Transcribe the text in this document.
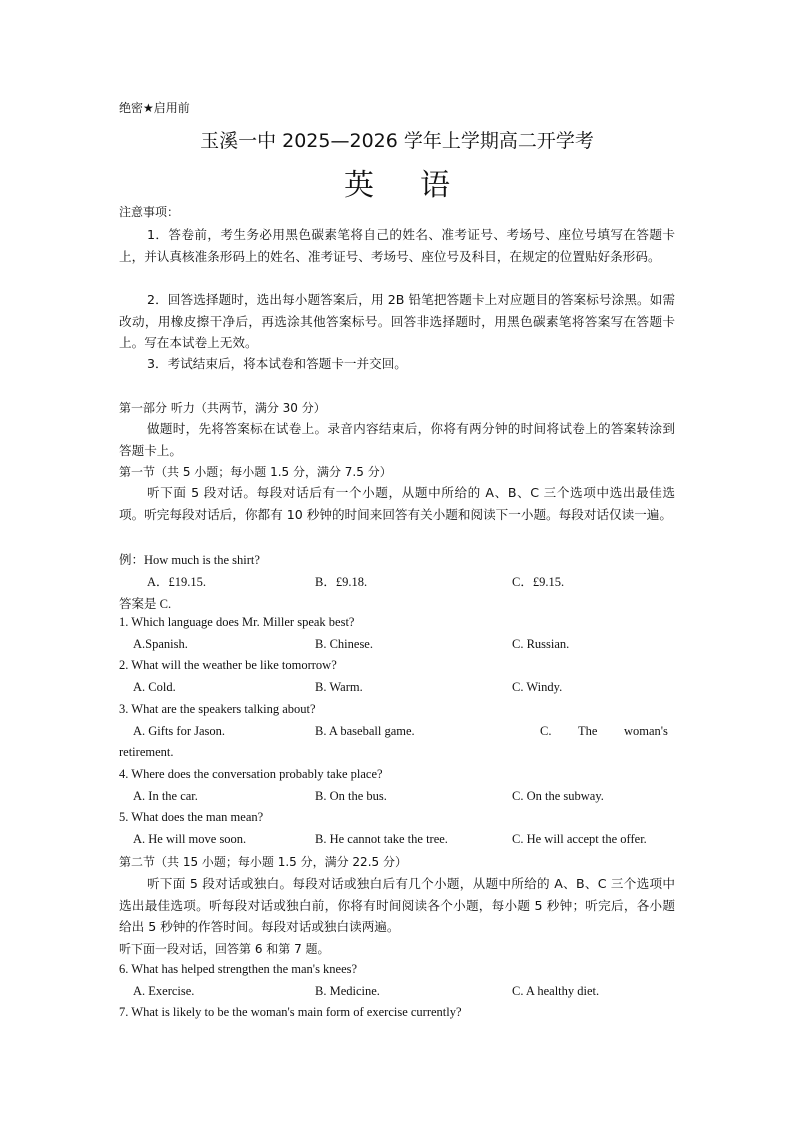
绝密★启用前
玉溪一中 2025—2026 学年上学期高二开学考
英 语
注意事项：
1．答卷前，考生务必用黑色碳素笔将自己的姓名、准考证号、考场号、座位号填写在答题卡上，并认真核准条形码上的姓名、准考证号、考场号、座位号及科目，在规定的位置贴好条形码。
2．回答选择题时，选出每小题答案后，用 2B 铅笔把答题卡上对应题目的答案标号涂黑。如需改动，用橡皮擦干净后，再选涂其他答案标号。回答非选择题时，用黑色碳素笔将答案写在答题卡上。写在本试卷上无效。
3．考试结束后，将本试卷和答题卡一并交回。
第一部分 听力（共两节，满分 30 分）
做题时，先将答案标在试卷上。录音内容结束后，你将有两分钟的时间将试卷上的答案转涂到答题卡上。
第一节（共 5 小题；每小题 1.5 分，满分 7.5 分）
听下面 5 段对话。每段对话后有一个小题，从题中所给的 A、B、C 三个选项中选出最佳选项。听完每段对话后，你都有 10 秒钟的时间来回答有关小题和阅读下一小题。每段对话仅读一遍。
例：How much is the shirt?
A．£19.15.	B．£9.18.	C．£9.15.
答案是 C.
1. Which language does Mr. Miller speak best?
A.Spanish.	B. Chinese.	C. Russian.
2. What will the weather be like tomorrow?
A. Cold.	B. Warm.	C. Windy.
3. What are the speakers talking about?
A. Gifts for Jason.	B. A baseball game.	C. The woman's
retirement.
4. Where does the conversation probably take place?
A. In the car.	B. On the bus.	C. On the subway.
5. What does the man mean?
A. He will move soon.	B. He cannot take the tree.	C. He will accept the offer.
第二节（共 15 小题；每小题 1.5 分，满分 22.5 分）
听下面 5 段对话或独白。每段对话或独白后有几个小题，从题中所给的 A、B、C 三个选项中选出最佳选项。听每段对话或独白前，你将有时间阅读各个小题，每小题 5 秒钟；听完后，各小题给出 5 秒钟的作答时间。每段对话或独白读两遍。
听下面一段对话，回答第 6 和第 7 题。
6. What has helped strengthen the man's knees?
A. Exercise.	B. Medicine.	C. A healthy diet.
7. What is likely to be the woman's main form of exercise currently?
